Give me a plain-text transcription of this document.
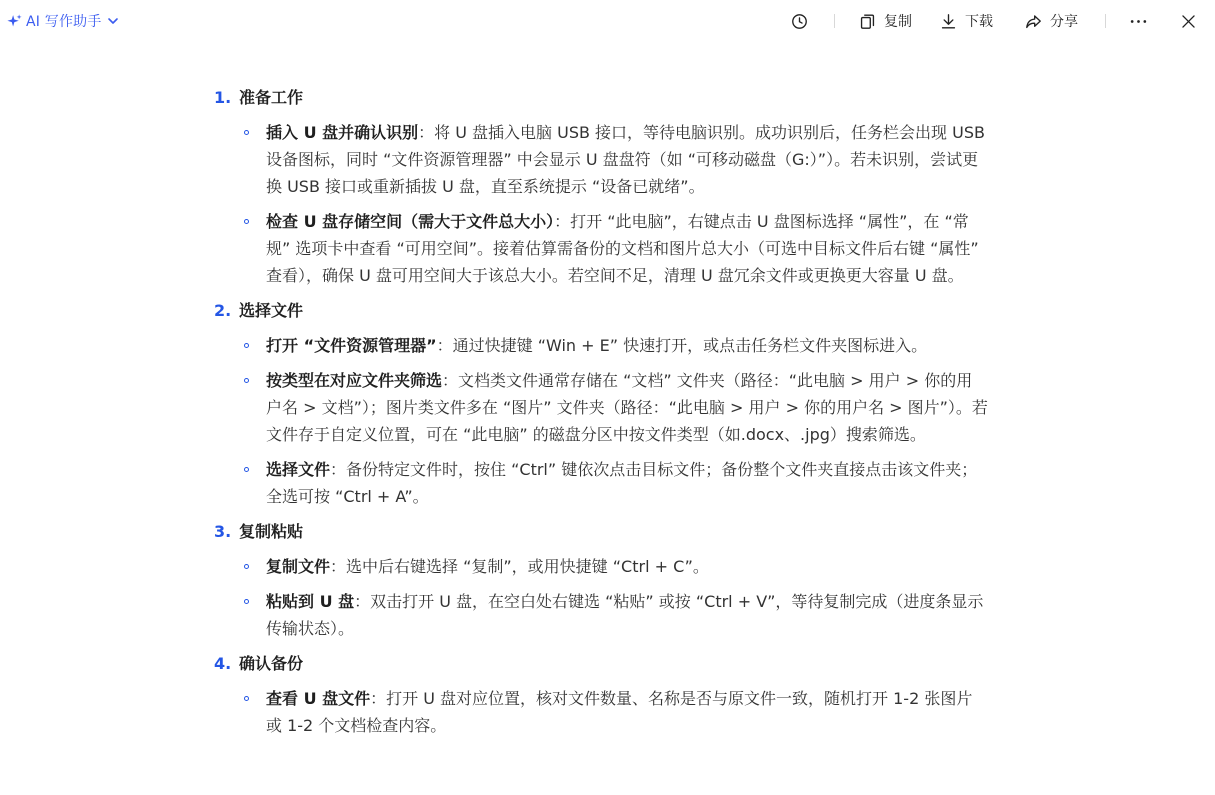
AI 写作助手	复制	下载	分享
1. 准备工作
插入 U 盘并确认识别：将 U 盘插入电脑 USB 接口，等待电脑识别。成功识别后，任务栏会出现 USB 设备图标，同时 “文件资源管理器” 中会显示 U 盘盘符（如 “可移动磁盘（G:）”）。若未识别，尝试更换 USB 接口或重新插拔 U 盘，直至系统提示 “设备已就绪”。
检查 U 盘存储空间（需大于文件总大小）：打开 “此电脑”，右键点击 U 盘图标选择 “属性”，在 “常规” 选项卡中查看 “可用空间”。接着估算需备份的文档和图片总大小（可选中目标文件后右键 “属性” 查看），确保 U 盘可用空间大于该总大小。若空间不足，清理 U 盘冗余文件或更换更大容量 U 盘。
2. 选择文件
打开 “文件资源管理器”：通过快捷键 “Win + E” 快速打开，或点击任务栏文件夹图标进入。
按类型在对应文件夹筛选：文档类文件通常存储在 “文档” 文件夹（路径：“此电脑 > 用户 > 你的用户名 > 文档”）；图片类文件多在 “图片” 文件夹（路径：“此电脑 > 用户 > 你的用户名 > 图片”）。若文件存于自定义位置，可在 “此电脑” 的磁盘分区中按文件类型（如.docx、.jpg）搜索筛选。
选择文件：备份特定文件时，按住 “Ctrl” 键依次点击目标文件；备份整个文件夹直接点击该文件夹；全选可按 “Ctrl + A”。
3. 复制粘贴
复制文件：选中后右键选择 “复制”，或用快捷键 “Ctrl + C”。
粘贴到 U 盘：双击打开 U 盘，在空白处右键选 “粘贴” 或按 “Ctrl + V”，等待复制完成（进度条显示传输状态）。
4. 确认备份
查看 U 盘文件：打开 U 盘对应位置，核对文件数量、名称是否与原文件一致，随机打开 1-2 张图片或 1-2 个文档检查内容。
